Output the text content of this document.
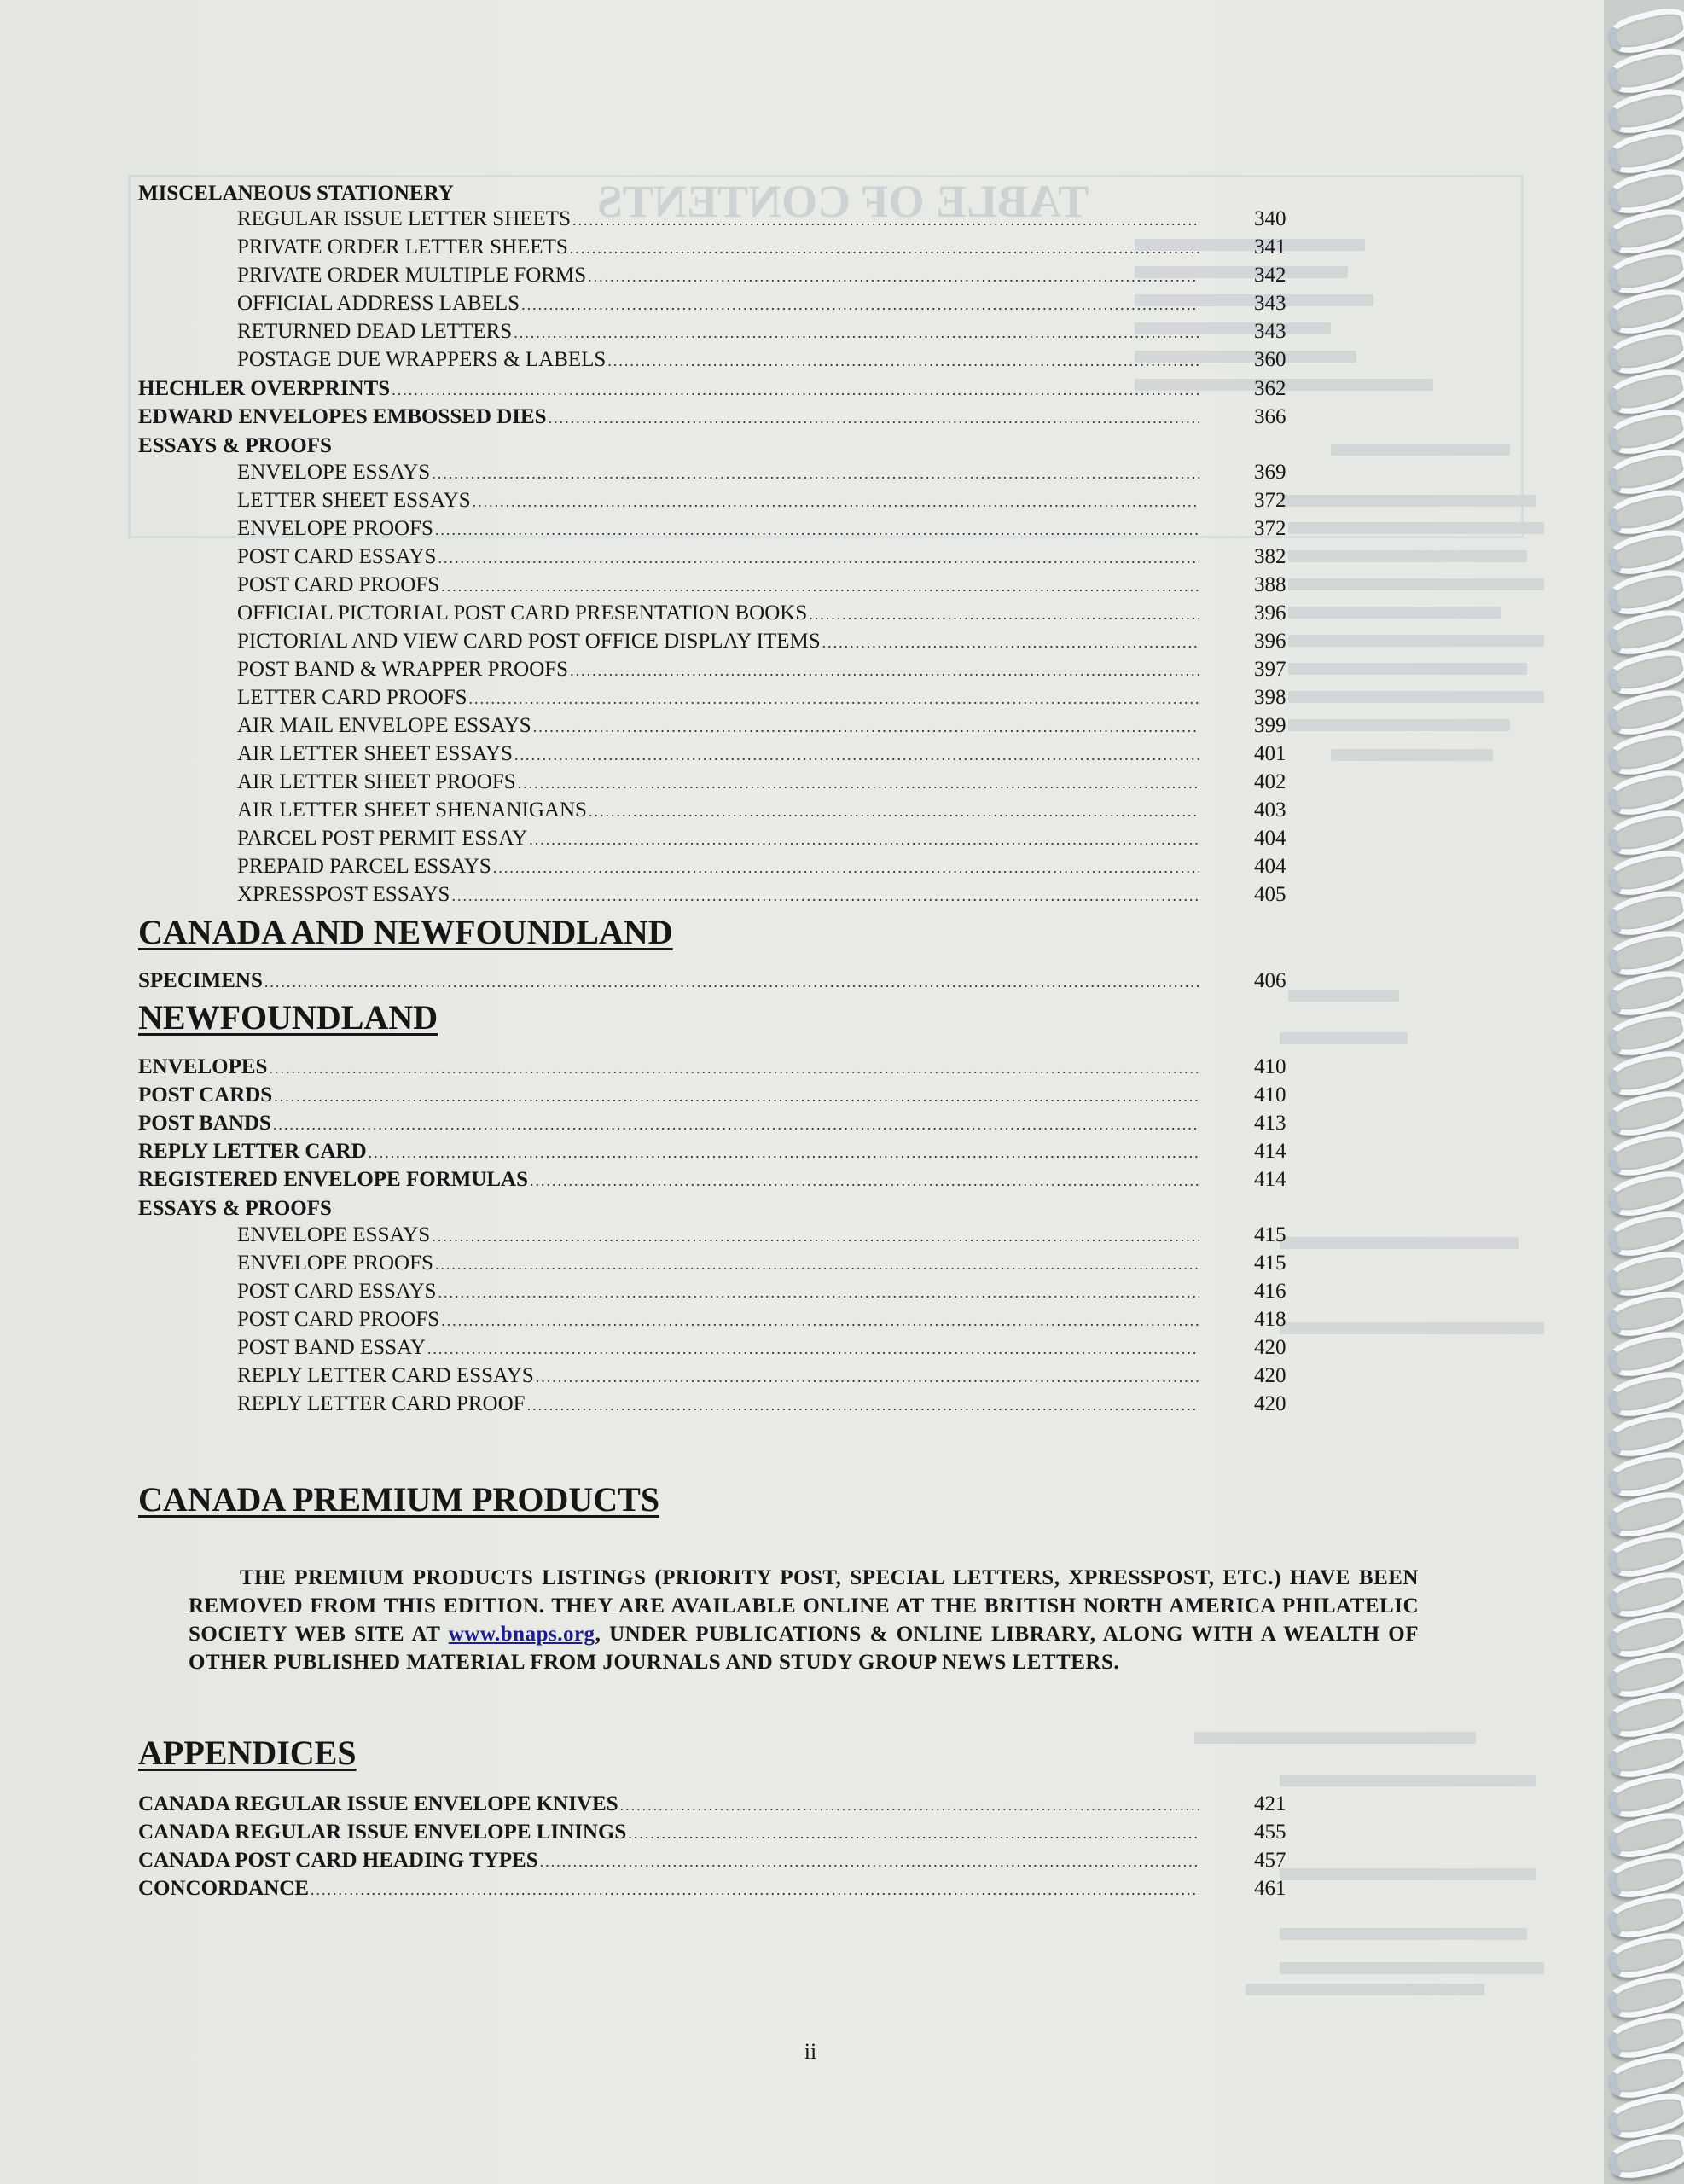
TABLE OF CONTENTS
MISCELANEOUS STATIONERY
REGULAR ISSUE LETTER SHEETS .....	340
PRIVATE ORDER LETTER SHEETS .....	341
PRIVATE ORDER MULTIPLE FORMS .....	342
OFFICIAL ADDRESS LABELS .....	343
RETURNED DEAD LETTERS .....	343
POSTAGE DUE WRAPPERS & LABELS .....	360
HECHLER OVERPRINTS .....	362
EDWARD ENVELOPES EMBOSSED DIES .....	366
ESSAYS & PROOFS
ENVELOPE ESSAYS .....	369
LETTER SHEET ESSAYS .....	372
ENVELOPE PROOFS .....	372
POST CARD ESSAYS .....	382
POST CARD PROOFS .....	388
OFFICIAL PICTORIAL POST CARD PRESENTATION BOOKS .....	396
PICTORIAL AND VIEW CARD POST OFFICE DISPLAY ITEMS .....	396
POST BAND & WRAPPER PROOFS .....	397
LETTER CARD PROOFS .....	398
AIR MAIL ENVELOPE ESSAYS .....	399
AIR LETTER SHEET ESSAYS .....	401
AIR LETTER SHEET PROOFS .....	402
AIR LETTER SHEET SHENANIGANS .....	403
PARCEL POST PERMIT ESSAY .....	404
PREPAID PARCEL ESSAYS .....	404
XPRESSPOST ESSAYS .....	405
CANADA AND NEWFOUNDLAND
SPECIMENS .....	406
NEWFOUNDLAND
ENVELOPES .....	410
POST CARDS .....	410
POST BANDS .....	413
REPLY LETTER CARD .....	414
REGISTERED ENVELOPE FORMULAS .....	414
ESSAYS & PROOFS
ENVELOPE ESSAYS .....	415
ENVELOPE PROOFS .....	415
POST CARD ESSAYS .....	416
POST CARD PROOFS .....	418
POST BAND ESSAY .....	420
REPLY LETTER CARD ESSAYS .....	420
REPLY LETTER CARD PROOF .....	420
CANADA PREMIUM PRODUCTS
THE PREMIUM PRODUCTS LISTINGS (PRIORITY POST, SPECIAL LETTERS, XPRESSPOST, ETC.) HAVE BEEN REMOVED FROM THIS EDITION. THEY ARE AVAILABLE ONLINE AT THE BRITISH NORTH AMERICA PHILATELIC SOCIETY WEB SITE AT www.bnaps.org, UNDER PUBLICATIONS & ONLINE LIBRARY, ALONG WITH A WEALTH OF OTHER PUBLISHED MATERIAL FROM JOURNALS AND STUDY GROUP NEWS LETTERS.
APPENDICES
CANADA REGULAR ISSUE ENVELOPE KNIVES .....	421
CANADA REGULAR ISSUE ENVELOPE LININGS .....	455
CANADA POST CARD HEADING TYPES .....	457
CONCORDANCE .....	461
ii
